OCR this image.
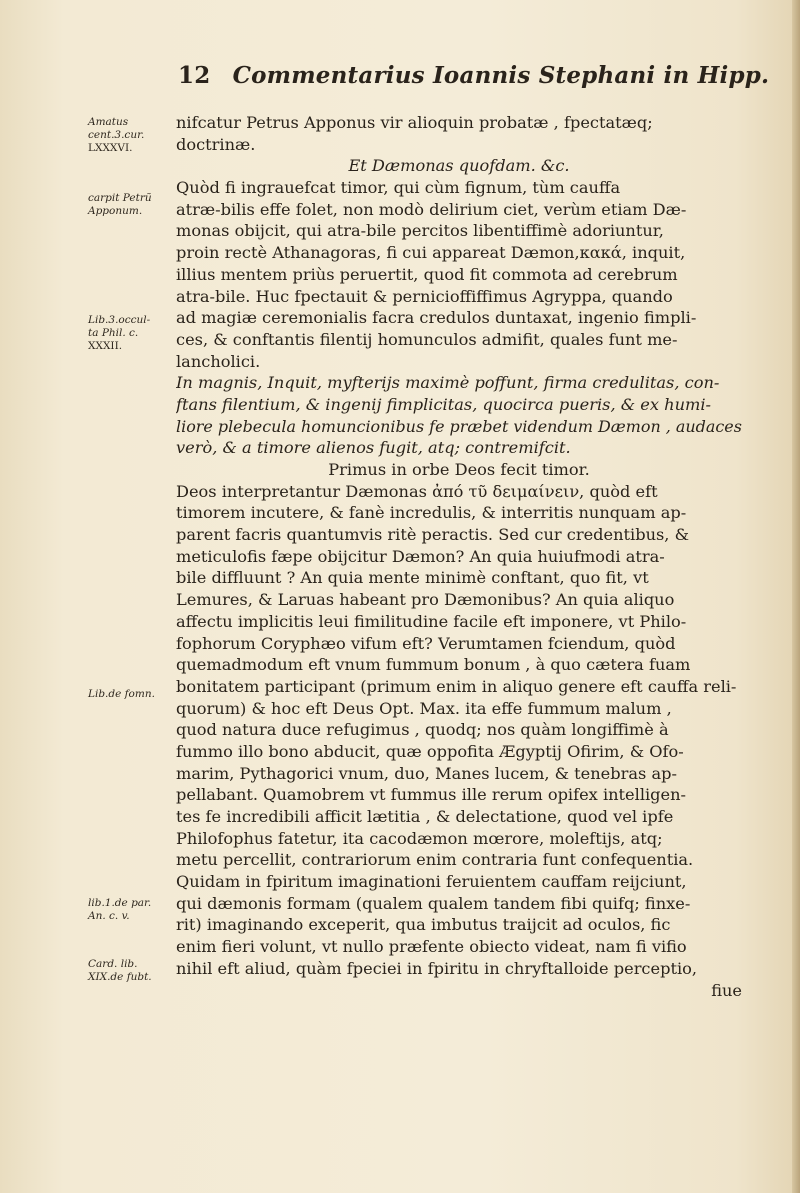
12 Commentarius Ioannis Stephani in Hipp.
Amatus
cent.3.cur.
LXXXVI.
carpit Petrũ
Apponum.
Lib.3.occul-
ta Phil. c.
XXXII.
Lib.de fomn.
lib.1.de par.
An. c. v.
Card. lib.
XIX.de fubt.
nifcatur Petrus Apponus vir alioquin probatæ , fpectatæq;
doctrinæ.
Et Dæmonas quofdam. &c.
Quòd fi ingrauefcat timor, qui cùm fignum, tùm cauffa
atræ-bilis effe folet, non modò delirium ciet, verùm etiam Dæ-
monas obijcit, qui atra-bile percitos libentiffimè adoriuntur,
proin rectè Athanagoras, fi cui appareat Dæmon,κακά, inquit,
illius mentem priùs peruertit, quod fit commota ad cerebrum
atra-bile. Huc fpectauit & pernicioffiffimus Agryppa, quando
ad magiæ ceremonialis facra credulos duntaxat, ingenio fimpli-
ces, & conftantis filentij homunculos admifit, quales funt me-
lancholici.
In magnis, Inquit, myfterijs maximè poffunt, firma credulitas, con-
ftans filentium, & ingenij fimplicitas, quocirca pueris, & ex humi-
liore plebecula homuncionibus fe præbet videndum Dæmon , audaces
verò, & a timore alienos fugit, atq; contremifcit.
Primus in orbe Deos fecit timor.
Deos interpretantur Dæmonas ἀπό τῦ δειμαίνειν, quòd eft
timorem incutere, & fanè incredulis, & interritis nunquam ap-
parent facris quantumvis ritè peractis. Sed cur credentibus, &
meticulofis fæpe obijcitur Dæmon? An quia huiufmodi atra-
bile diffluunt ? An quia mente minimè conftant, quo fit, vt
Lemures, & Laruas habeant pro Dæmonibus? An quia aliquo
affectu implicitis leui fimilitudine facile eft imponere, vt Philo-
fophorum Coryphæo vifum eft? Verumtamen fciendum, quòd
quemadmodum eft vnum fummum bonum , à quo cætera fuam
bonitatem participant (primum enim in aliquo genere eft cauffa reli-
quorum) & hoc eft Deus Opt. Max. ita effe fummum malum ,
quod natura duce refugimus , quodq; nos quàm longiffimè à
fummo illo bono abducit, quæ oppofita Ægyptij Ofirim, & Ofo-
marim, Pythagorici vnum, duo, Manes lucem, & tenebras ap-
pellabant. Quamobrem vt fummus ille rerum opifex intelligen-
tes fe incredibili afficit lætitia , & delectatione, quod vel ipfe
Philofophus fatetur, ita cacodæmon mœrore, moleftijs, atq;
metu percellit, contrariorum enim contraria funt confequentia.
Quidam in fpiritum imaginationi feruientem cauffam reijciunt,
qui dæmonis formam (qualem qualem tandem fibi quifq; finxe-
rit) imaginando exceperit, qua imbutus traijcit ad oculos, fic
enim fieri volunt, vt nullo præfente obiecto videat, nam fi vifio
nihil eft aliud, quàm fpeciei in fpiritu in chryftalloide perceptio,
fiue
